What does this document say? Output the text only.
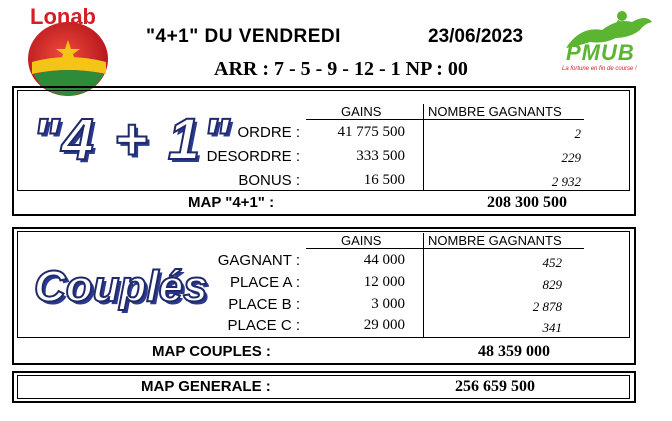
Lonab
"4+1" DU VENDREDI	23/06/2023
ARR : 7 - 5 - 9 - 12 - 1 NP : 00
PMUB
La fortune en fin de course !
"4 + 1"	GAINS	NOMBRE GAGNANTS
ORDRE :	41 775 500	2
DESORDRE :	333 500	229
BONUS :	16 500	2 932
MAP "4+1" :	208 300 500
Couplés
GAINS	NOMBRE GAGNANTS
GAGNANT :	44 000	452
PLACE A :	12 000	829
PLACE B :	3 000	2 878
PLACE C :	29 000	341
MAP COUPLES :	48 359 000
MAP GENERALE :	256 659 500
